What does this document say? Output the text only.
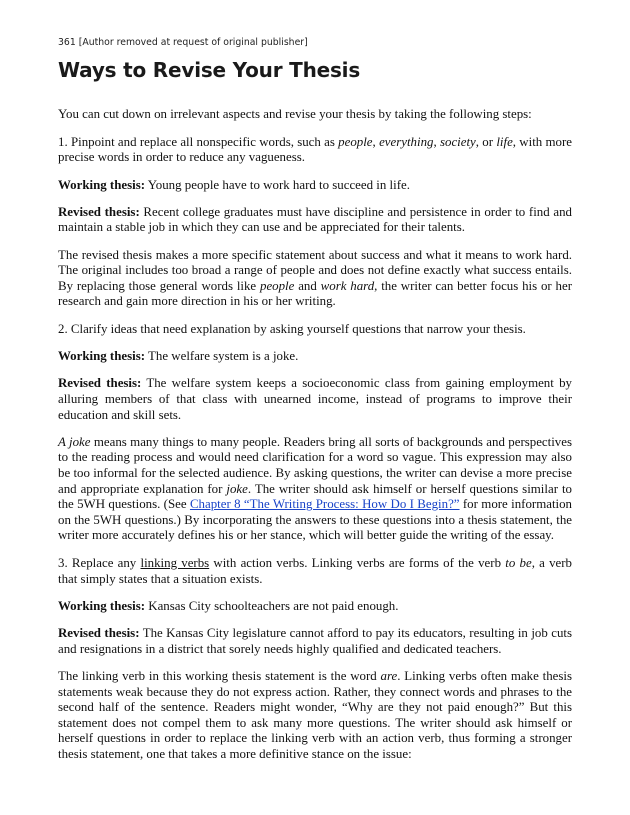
361 [Author removed at request of original publisher]
Ways to Revise Your Thesis

You can cut down on irrelevant aspects and revise your thesis by taking the following steps:

1. Pinpoint and replace all nonspecific words, such as people, everything, society, or life, with more precise words in order to reduce any vagueness.

Working thesis: Young people have to work hard to succeed in life.

Revised thesis: Recent college graduates must have discipline and persistence in order to find and maintain a stable job in which they can use and be appreciated for their talents.

The revised thesis makes a more specific statement about success and what it means to work hard. The original includes too broad a range of people and does not define exactly what success entails. By replacing those general words like people and work hard, the writer can better focus his or her research and gain more direction in his or her writing.

2. Clarify ideas that need explanation by asking yourself questions that narrow your thesis.

Working thesis: The welfare system is a joke.

Revised thesis: The welfare system keeps a socioeconomic class from gaining employment by alluring members of that class with unearned income, instead of programs to improve their education and skill sets.

A joke means many things to many people. Readers bring all sorts of backgrounds and perspectives to the reading process and would need clarification for a word so vague. This expression may also be too informal for the selected audience. By asking questions, the writer can devise a more precise and appropriate explanation for joke. The writer should ask himself or herself questions similar to the 5WH questions. (See Chapter 8 “The Writing Process: How Do I Begin?” for more information on the 5WH questions.) By incorporating the answers to these questions into a thesis statement, the writer more accurately defines his or her stance, which will better guide the writing of the essay.

3. Replace any linking verbs with action verbs. Linking verbs are forms of the verb to be, a verb that simply states that a situation exists.

Working thesis: Kansas City schoolteachers are not paid enough.

Revised thesis: The Kansas City legislature cannot afford to pay its educators, resulting in job cuts and resignations in a district that sorely needs highly qualified and dedicated teachers.

The linking verb in this working thesis statement is the word are. Linking verbs often make thesis statements weak because they do not express action. Rather, they connect words and phrases to the second half of the sentence. Readers might wonder, “Why are they not paid enough?” But this statement does not compel them to ask many more questions. The writer should ask himself or herself questions in order to replace the linking verb with an action verb, thus forming a stronger thesis statement, one that takes a more definitive stance on the issue:
